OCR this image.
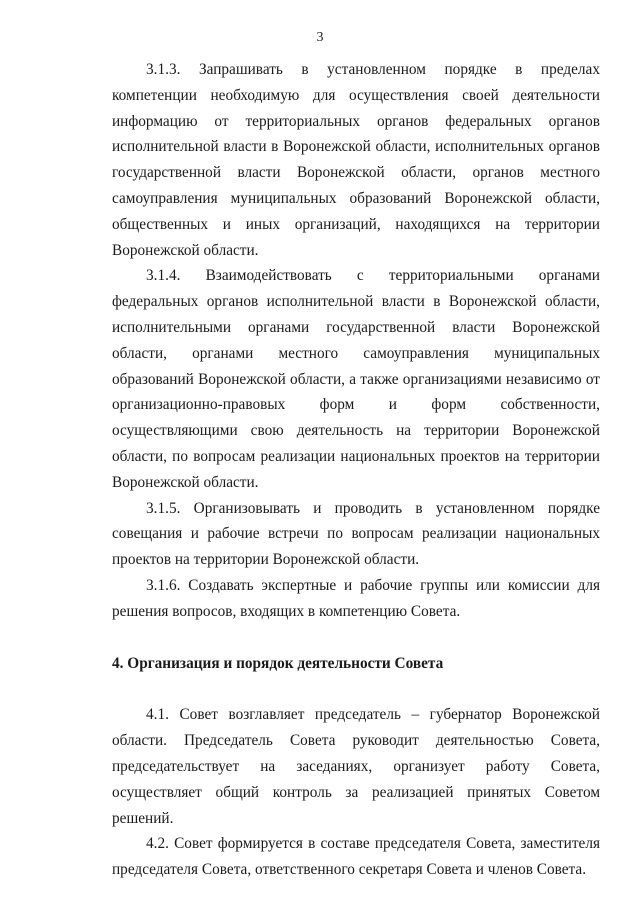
3

3.1.3. Запрашивать в установленном порядке в пределах компетенции необходимую для осуществления своей деятельности информацию от территориальных органов федеральных органов исполнительной власти в Воронежской области, исполнительных органов государственной власти Воронежской области, органов местного самоуправления муниципальных образований Воронежской области, общественных и иных организаций, находящихся на территории Воронежской области.

3.1.4. Взаимодействовать с территориальными органами федеральных органов исполнительной власти в Воронежской области, исполнительными органами государственной власти Воронежской области, органами местного самоуправления муниципальных образований Воронежской области, а также организациями независимо от организационно-правовых форм и форм собственности, осуществляющими свою деятельность на территории Воронежской области, по вопросам реализации национальных проектов на территории Воронежской области.

3.1.5. Организовывать и проводить в установленном порядке совещания и рабочие встречи по вопросам реализации национальных проектов на территории Воронежской области.

3.1.6. Создавать экспертные и рабочие группы или комиссии для решения вопросов, входящих в компетенцию Совета.

4. Организация и порядок деятельности Совета

4.1. Совет возглавляет председатель – губернатор Воронежской области. Председатель Совета руководит деятельностью Совета, председательствует на заседаниях, организует работу Совета, осуществляет общий контроль за реализацией принятых Советом решений.

4.2. Совет формируется в составе председателя Совета, заместителя председателя Совета, ответственного секретаря Совета и членов Совета.
